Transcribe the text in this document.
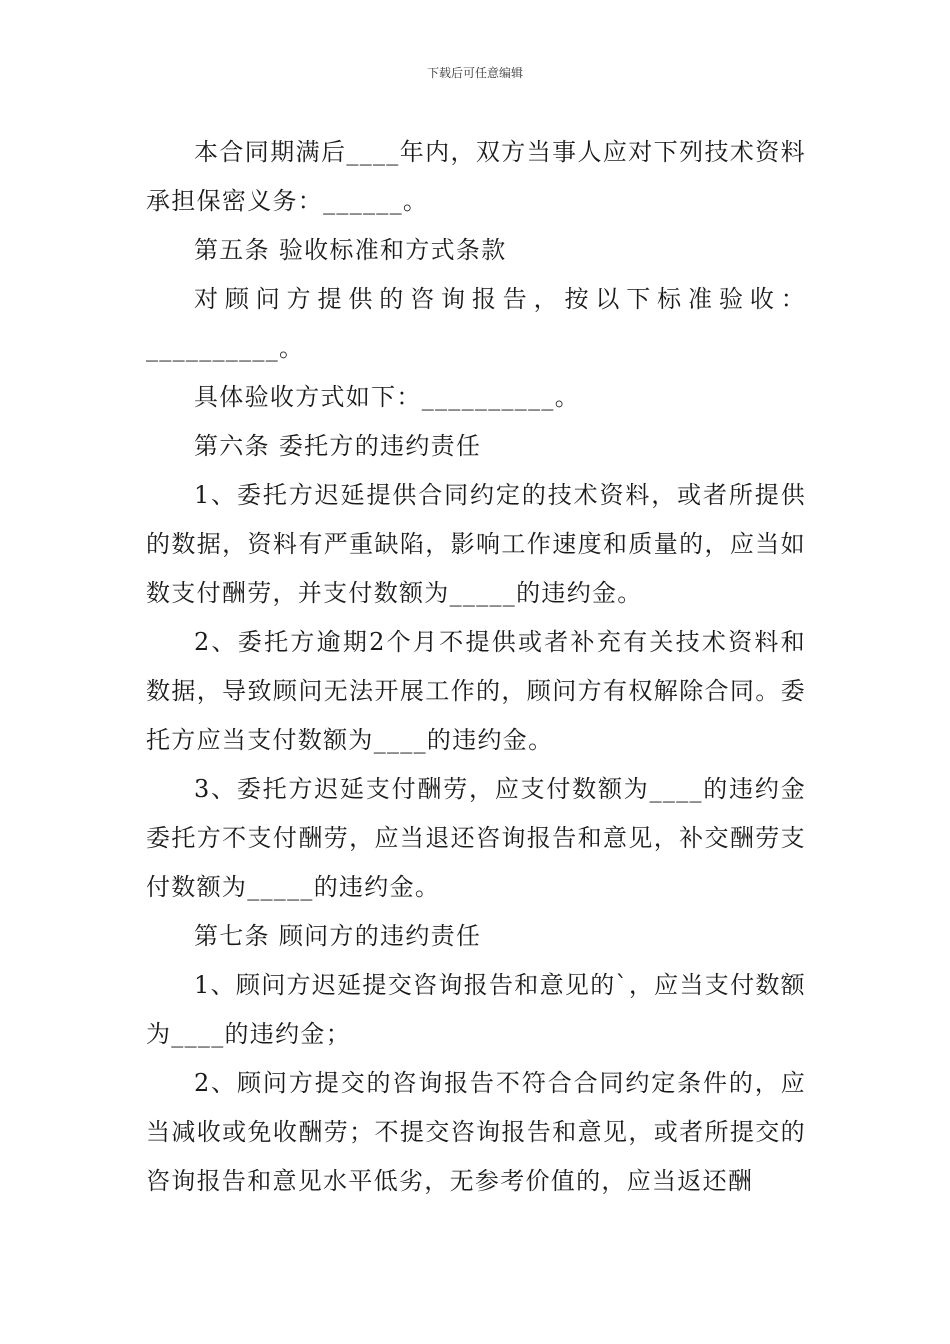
下载后可任意编辑

本合同期满后____年内，双方当事人应对下列技术资料承担保密义务：______。

第五条 验收标准和方式条款

对顾问方提供的咨询报告，按以下标准验收：__________。

具体验收方式如下：__________。

第六条 委托方的违约责任

1、委托方迟延提供合同约定的技术资料，或者所提供的数据，资料有严重缺陷，影响工作速度和质量的，应当如数支付酬劳，并支付数额为_____的违约金。

2、委托方逾期2个月不提供或者补充有关技术资料和数据，导致顾问无法开展工作的，顾问方有权解除合同。委托方应当支付数额为____的违约金。

3、委托方迟延支付酬劳，应支付数额为____的违约金委托方不支付酬劳，应当退还咨询报告和意见，补交酬劳支付数额为_____的违约金。

第七条 顾问方的违约责任

1、顾问方迟延提交咨询报告和意见的`，应当支付数额为____的违约金；

2、顾问方提交的咨询报告不符合合同约定条件的，应当减收或免收酬劳；不提交咨询报告和意见，或者所提交的咨询报告和意见水平低劣，无参考价值的，应当返还酬
